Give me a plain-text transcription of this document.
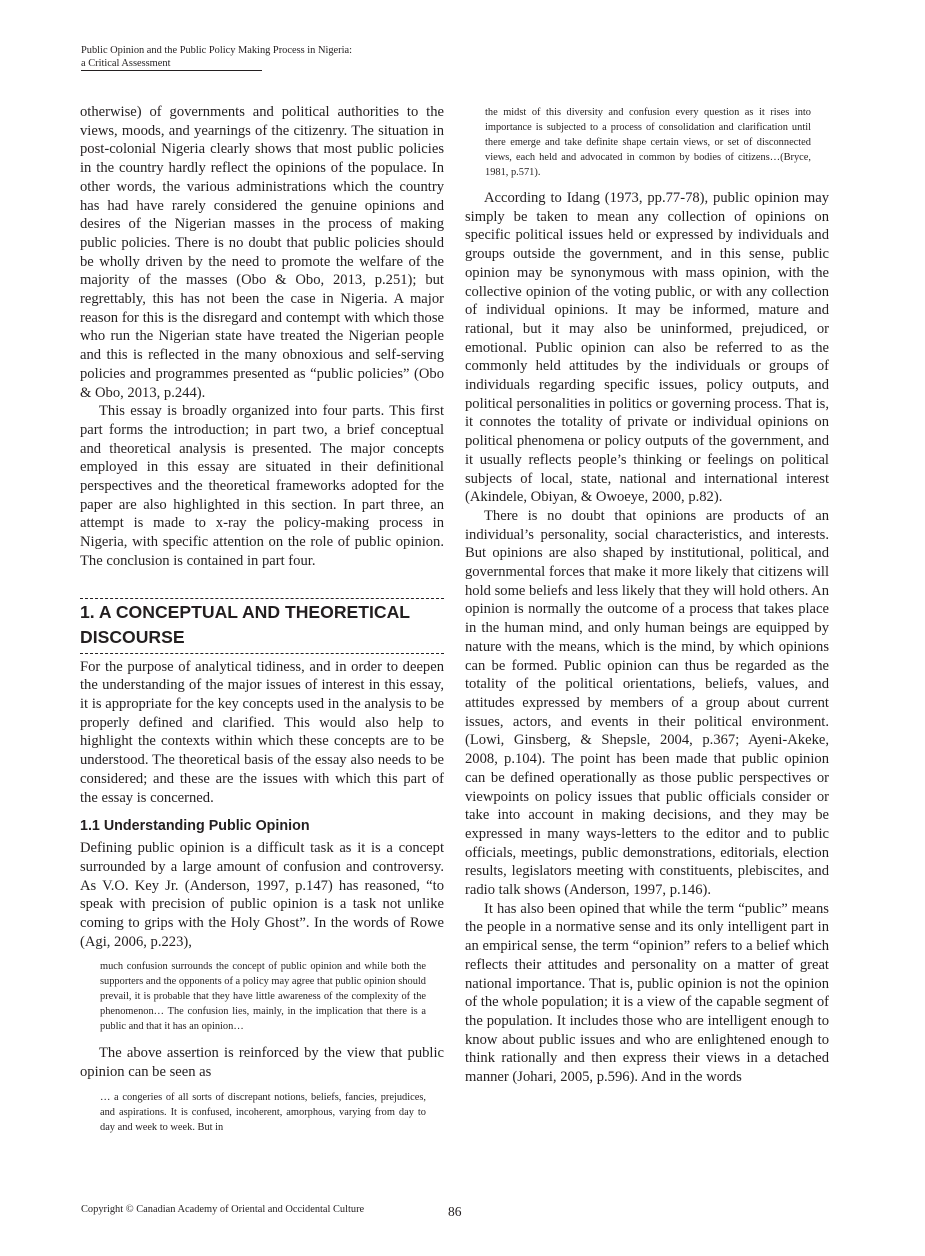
Public Opinion and the Public Policy Making Process in Nigeria:
a Critical Assessment

otherwise) of governments and political authorities to the views, moods, and yearnings of the citizenry. The situation in post-colonial Nigeria clearly shows that most public policies in the country hardly reflect the opinions of the populace. In other words, the various administrations which the country has had have rarely considered the genuine opinions and desires of the Nigerian masses in the process of making public policies. There is no doubt that public policies should be wholly driven by the need to promote the welfare of the majority of the masses (Obo & Obo, 2013, p.251); but regrettably, this has not been the case in Nigeria. A major reason for this is the disregard and contempt with which those who run the Nigerian state have treated the Nigerian people and this is reflected in the many obnoxious and self-serving policies and programmes presented as “public policies” (Obo & Obo, 2013, p.244).

This essay is broadly organized into four parts. This first part forms the introduction; in part two, a brief conceptual and theoretical analysis is presented. The major concepts employed in this essay are situated in their definitional perspectives and the theoretical frameworks adopted for the paper are also highlighted in this section. In part three, an attempt is made to x-ray the policy-making process in Nigeria, with specific attention on the role of public opinion. The conclusion is contained in part four.

1. A CONCEPTUAL AND THEORETICAL DISCOURSE

For the purpose of analytical tidiness, and in order to deepen the understanding of the major issues of interest in this essay, it is appropriate for the key concepts used in the analysis to be properly defined and clarified. This would also help to highlight the contexts within which these concepts are to be understood. The theoretical basis of the essay also needs to be considered; and these are the issues with which this part of the essay is concerned.

1.1 Understanding Public Opinion

Defining public opinion is a difficult task as it is a concept surrounded by a large amount of confusion and controversy. As V.O. Key Jr. (Anderson, 1997, p.147) has reasoned, “to speak with precision of public opinion is a task not unlike coming to grips with the Holy Ghost”. In the words of Rowe (Agi, 2006, p.223),

much confusion surrounds the concept of public opinion and while both the supporters and the opponents of a policy may agree that public opinion should prevail, it is probable that they have little awareness of the complexity of the phenomenon… The confusion lies, mainly, in the implication that there is a public and that it has an opinion…

The above assertion is reinforced by the view that public opinion can be seen as

… a congeries of all sorts of discrepant notions, beliefs, fancies, prejudices, and aspirations. It is confused, incoherent, amorphous, varying from day to day and week to week. But in
the midst of this diversity and confusion every question as it rises into importance is subjected to a process of consolidation and clarification until there emerge and take definite shape certain views, or set of disconnected views, each held and advocated in common by bodies of citizens…(Bryce, 1981, p.571).

According to Idang (1973, pp.77-78), public opinion may simply be taken to mean any collection of opinions on specific political issues held or expressed by individuals and groups outside the government, and in this sense, public opinion may be synonymous with mass opinion, with the collective opinion of the voting public, or with any collection of individual opinions. It may be informed, mature and rational, but it may also be uninformed, prejudiced, or emotional. Public opinion can also be referred to as the commonly held attitudes by the individuals or groups of individuals regarding specific issues, policy outputs, and political personalities in politics or governing process. That is, it connotes the totality of private or individual opinions on political phenomena or policy outputs of the government, and it usually reflects people’s thinking or feelings on political subjects of local, state, national and international interest (Akindele, Obiyan, & Owoeye, 2000, p.82).

There is no doubt that opinions are products of an individual’s personality, social characteristics, and interests. But opinions are also shaped by institutional, political, and governmental forces that make it more likely that citizens will hold some beliefs and less likely that they will hold others. An opinion is normally the outcome of a process that takes place in the human mind, and only human beings are equipped by nature with the means, which is the mind, by which opinions can be formed. Public opinion can thus be regarded as the totality of the political orientations, beliefs, values, and attitudes expressed by members of a group about current issues, actors, and events in their political environment. (Lowi, Ginsberg, & Shepsle, 2004, p.367; Ayeni-Akeke, 2008, p.104). The point has been made that public opinion can be defined operationally as those public perspectives or viewpoints on policy issues that public officials consider or take into account in making decisions, and they may be expressed in many ways-letters to the editor and to public officials, meetings, public demonstrations, editorials, election results, legislators meeting with constituents, plebiscites, and radio talk shows (Anderson, 1997, p.146).

It has also been opined that while the term “public” means the people in a normative sense and its only intelligent part in an empirical sense, the term “opinion” refers to a belief which reflects their attitudes and personality on a matter of great national importance. That is, public opinion is not the opinion of the whole population; it is a view of the capable segment of the population. It includes those who are intelligent enough to know about public issues and who are enlightened enough to think rationally and then express their views in a detached manner (Johari, 2005, p.596). And in the words

Copyright © Canadian Academy of Oriental and Occidental Culture	86
